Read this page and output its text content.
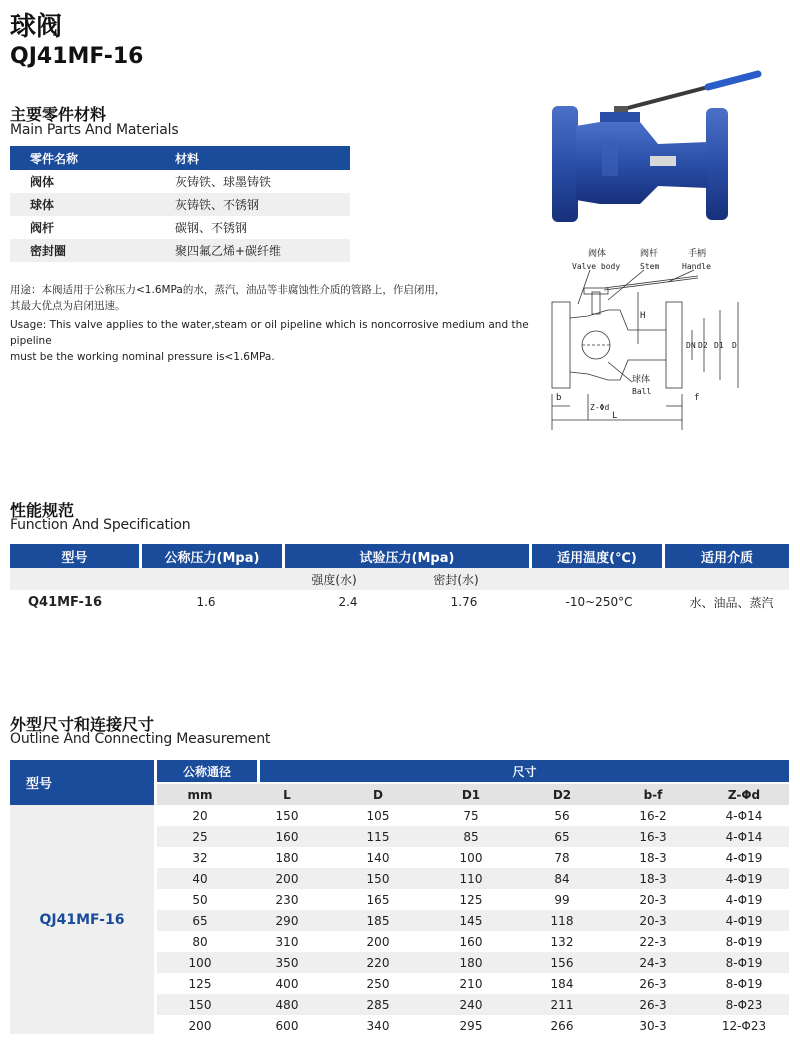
球阀
QJ41MF-16
主要零件材料
Main Parts And Materials
零件名称	材料
阀体	灰铸铁、球墨铸铁
球体	灰铸铁、不锈钢
阀杆	碳钢、不锈钢
密封圈	聚四氟乙烯+碳纤维
用途：本阀适用于公称压力<1.6MPa的水，蒸汽，油品等非腐蚀性介质的管路上，作启闭用，
其最大优点为启闭迅速。
Usage: This valve applies to the water,steam or oil pipeline which is noncorrosive medium and the pipeline
must be the working nominal pressure is<1.6MPa.
阀体
Valve body
阀杆
Stem
手柄
Handle
球体
Ball
H
DN D2 D1 D
b	f
L
Z-Φd
性能规范
Function And Specification
型号	公称压力(Mpa)	试验压力(Mpa)	适用温度(℃)	适用介质
强度(水)	密封(水)
Q41MF-16	1.6	2.4	1.76	-10~250°C	水、油品、蒸汽
外型尺寸和连接尺寸
Outline And Connecting Measurement
型号
QJ41MF-16
公称通径	尺寸
mm	L	D	D1	D2	b-f	Z-Φd
20	150	105	75	56	16-2	4-Φ14
25	160	115	85	65	16-3	4-Φ14
32	180	140	100	78	18-3	4-Φ19
40	200	150	110	84	18-3	4-Φ19
50	230	165	125	99	20-3	4-Φ19
65	290	185	145	118	20-3	4-Φ19
80	310	200	160	132	22-3	8-Φ19
100	350	220	180	156	24-3	8-Φ19
125	400	250	210	184	26-3	8-Φ19
150	480	285	240	211	26-3	8-Φ23
200	600	340	295	266	30-3	12-Φ23
